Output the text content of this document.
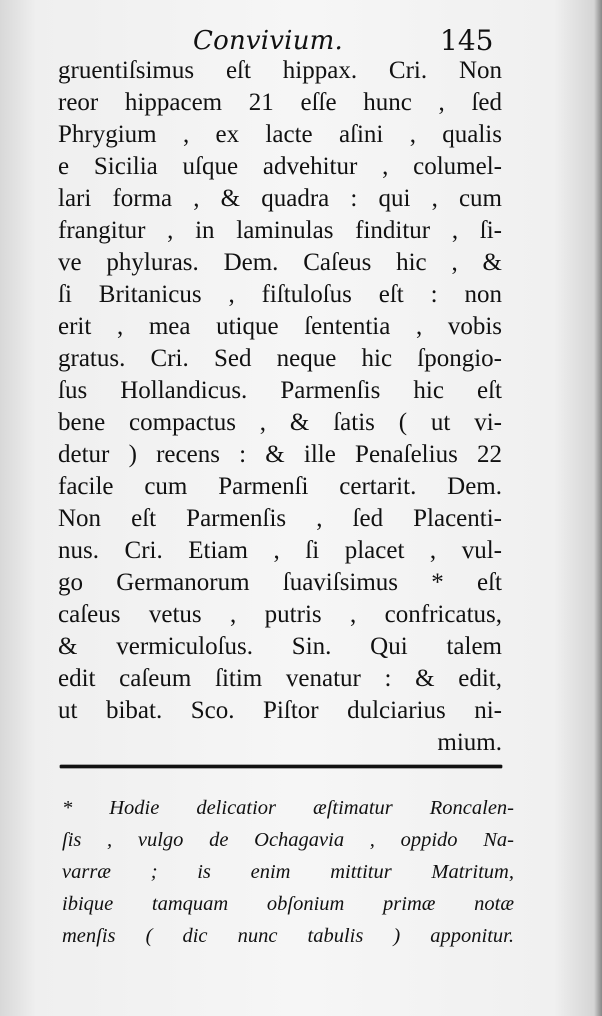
Convivium.	145
gruentiſsimus eſt hippax. Cri. Non
reor hippacem 21 eſſe hunc , ſed
Phrygium , ex lacte aſini , qualis
e Sicilia uſque advehitur , columel-
lari forma , & quadra : qui , cum
frangitur , in laminulas finditur , ſi-
ve phyluras. Dem. Caſeus hic , &
ſi Britanicus , fiſtuloſus eſt : non
erit , mea utique ſententia , vobis
gratus. Cri. Sed neque hic ſpongio-
ſus Hollandicus. Parmenſis hic eſt
bene compactus , & ſatis ( ut vi-
detur ) recens : & ille Penaſelius 22
facile cum Parmenſi certarit. Dem.
Non eſt Parmenſis , ſed Placenti-
nus. Cri. Etiam , ſi placet , vul-
go Germanorum ſuaviſsimus * eſt
caſeus vetus , putris , confricatus,
& vermiculoſus. Sin. Qui talem
edit caſeum ſitim venatur : & edit,
ut bibat. Sco. Piſtor dulciarius ni-
mium.
* Hodie delicatior æſtimatur Roncalen-
ſis , vulgo de Ochagavia , oppido Na-
varræ ; is enim mittitur Matritum,
ibique tamquam obſonium primæ notæ
menſis ( dic nunc tabulis ) apponitur.
